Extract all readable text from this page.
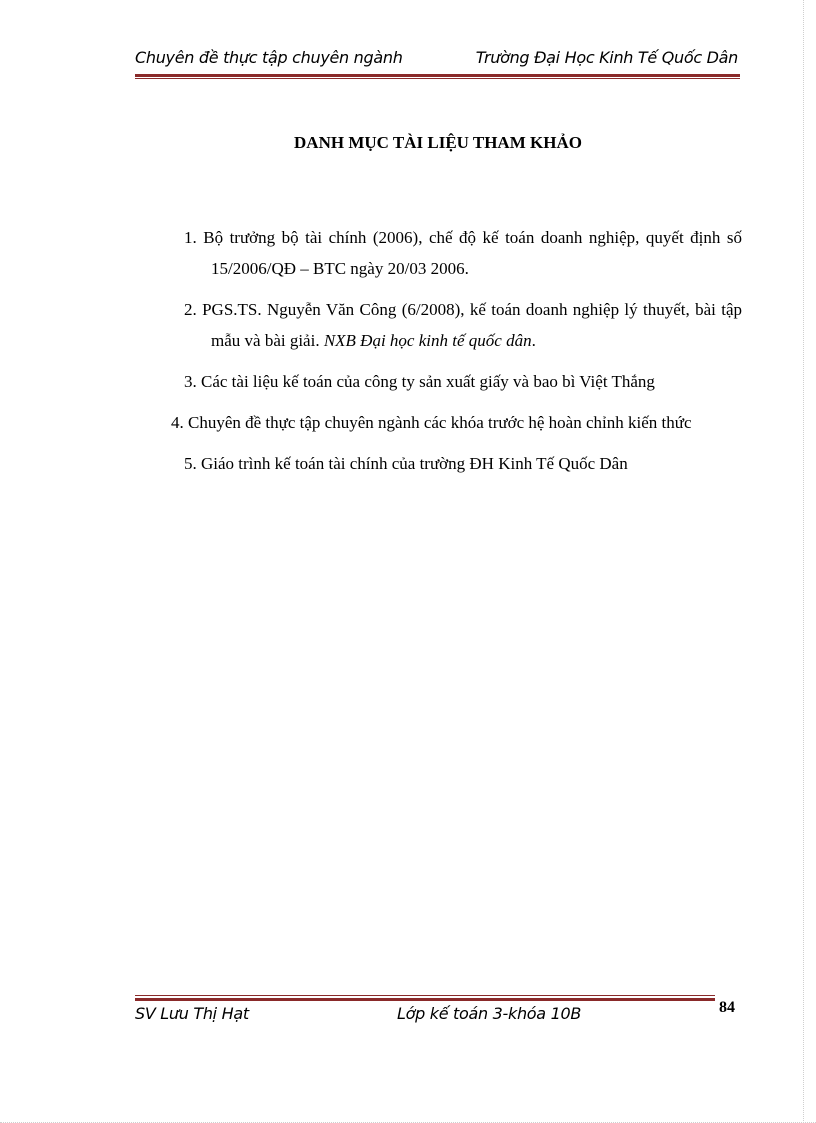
Chuyên đề thực tập chuyên ngành	Trường Đại Học Kinh Tế Quốc Dân
DANH MỤC TÀI LIỆU THAM KHẢO

1. Bộ trưởng bộ tài chính (2006), chế độ kế toán doanh nghiệp, quyết định số 15/2006/QĐ – BTC ngày 20/03 2006.

2. PGS.TS. Nguyễn Văn Công (6/2008), kế toán doanh nghiệp lý thuyết, bài tập mẫu và bài giải. NXB Đại học kinh tế quốc dân.

3. Các tài liệu kế toán của công ty sản xuất giấy và bao bì Việt Thắng

4. Chuyên đề thực tập chuyên ngành các khóa trước hệ hoàn chỉnh kiến thức

5. Giáo trình kế toán tài chính của trường ĐH Kinh Tế Quốc Dân

SV Lưu Thị Hạt	Lớp kế toán 3-khóa 10B	84
